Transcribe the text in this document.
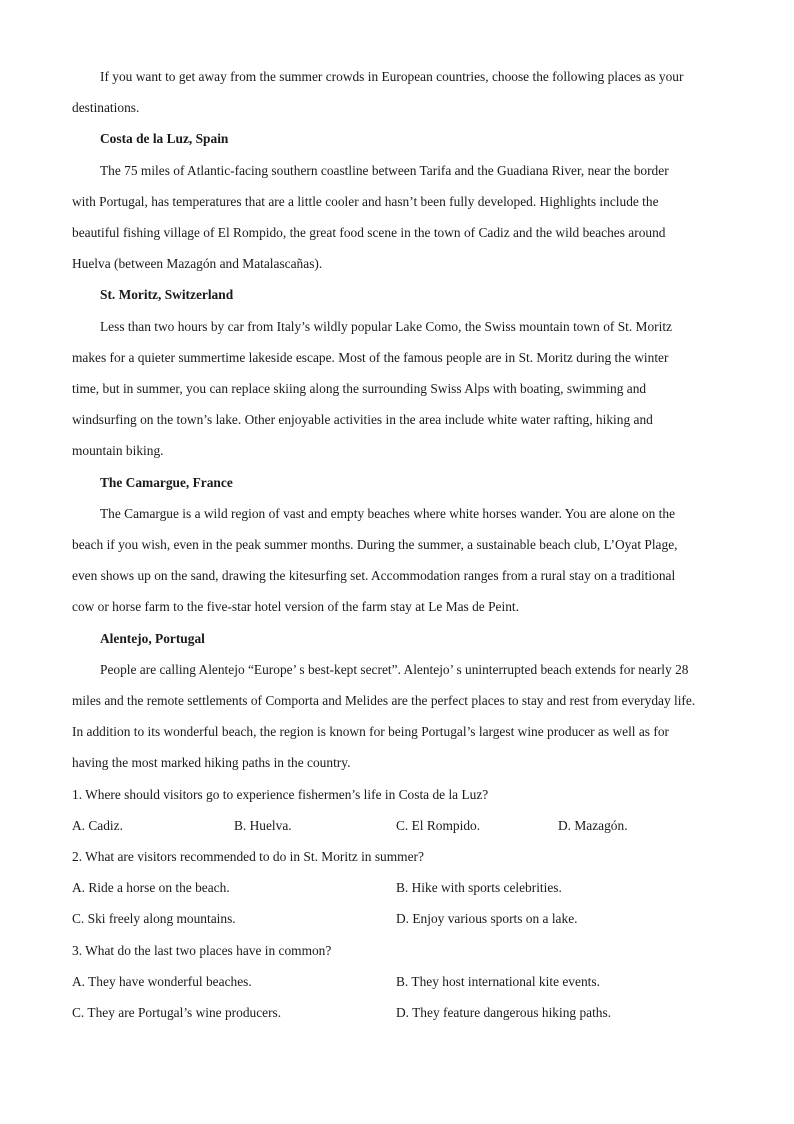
If you want to get away from the summer crowds in European countries, choose the following places as your
destinations.
Costa de la Luz, Spain
The 75 miles of Atlantic-facing southern coastline between Tarifa and the Guadiana River, near the border
with Portugal, has temperatures that are a little cooler and hasn’t been fully developed. Highlights include the
beautiful fishing village of El Rompido, the great food scene in the town of Cadiz and the wild beaches around
Huelva (between Mazagón and Matalascañas).
St. Moritz, Switzerland
Less than two hours by car from Italy’s wildly popular Lake Como, the Swiss mountain town of St. Moritz
makes for a quieter summertime lakeside escape. Most of the famous people are in St. Moritz during the winter
time, but in summer, you can replace skiing along the surrounding Swiss Alps with boating, swimming and
windsurfing on the town’s lake. Other enjoyable activities in the area include white water rafting, hiking and
mountain biking.
The Camargue, France
The Camargue is a wild region of vast and empty beaches where white horses wander. You are alone on the
beach if you wish, even in the peak summer months. During the summer, a sustainable beach club, L’Oyat Plage,
even shows up on the sand, drawing the kitesurfing set. Accommodation ranges from a rural stay on a traditional
cow or horse farm to the five-star hotel version of the farm stay at Le Mas de Peint.
Alentejo, Portugal
People are calling Alentejo “Europe’ s best-kept secret”. Alentejo’ s uninterrupted beach extends for nearly 28
miles and the remote settlements of Comporta and Melides are the perfect places to stay and rest from everyday life.
In addition to its wonderful beach, the region is known for being Portugal’s largest wine producer as well as for
having the most marked hiking paths in the country.
1. Where should visitors go to experience fishermen’s life in Costa de la Luz?
A. Cadiz.	B. Huelva.	C. El Rompido.	D. Mazagón.
2. What are visitors recommended to do in St. Moritz in summer?
A. Ride a horse on the beach.	B. Hike with sports celebrities.
C. Ski freely along mountains.	D. Enjoy various sports on a lake.
3. What do the last two places have in common?
A. They have wonderful beaches.	B. They host international kite events.
C. They are Portugal’s wine producers.	D. They feature dangerous hiking paths.
